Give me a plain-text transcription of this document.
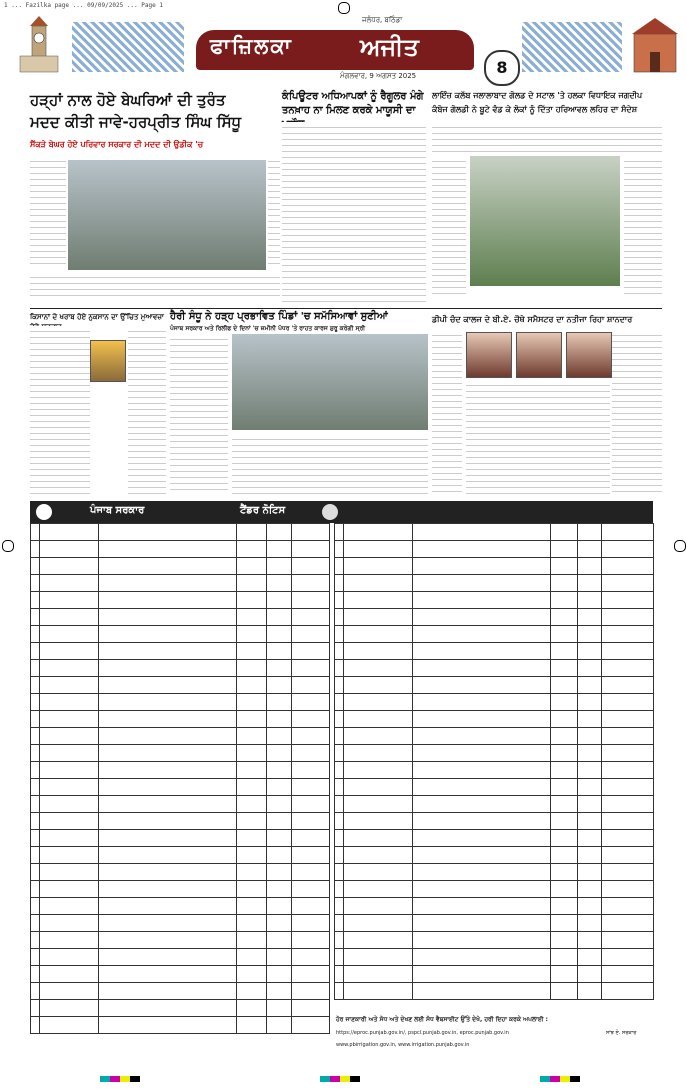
1 ... Fazilka page ... 09/09/2025 ... Page 1
ਫਾਜ਼ਿਲਕਾ	ਅਜੀਤ
ਜਲੰਧਰ, ਬਠਿੰਡਾ
ਮੰਗਲਵਾਰ, 9 ਅਗਸਤ 2025	8
ਹੜ੍ਹਾਂ ਨਾਲ ਹੋਏ ਬੇਘਰਿਆਂ ਦੀ ਤੁਰੰਤ
ਮਦਦ ਕੀਤੀ ਜਾਵੇ-ਹਰਪ੍ਰੀਤ ਸਿੰਘ ਸਿੱਧੂ
ਸੈਂਕੜੇ ਬੇਘਰ ਹੋਏ ਪਰਿਵਾਰ ਸਰਕਾਰ ਦੀ ਮਦਦ ਦੀ ਉਡੀਕ 'ਚ
ਕੰਪਿਊਟਰ ਅਧਿਆਪਕਾਂ ਨੂੰ ਰੈਗੂਲਰ ਮੰਗੇ
ਤਨਖ਼ਾਹ ਨਾ ਮਿਲਣ ਕਰਕੇ ਮਾਯੂਸੀ ਦਾ
ਲਾਇੰਜ਼ ਕਲੱਬ ਜਲਾਲਾਬਾਦ ਗੋਲਡ ਦੇ ਸਟਾਲ 'ਤੇ ਹਲਕਾ ਵਿਧਾਇਕ ਜਗਦੀਪ
ਕੰਬੋਜ ਗੋਲਡੀ ਨੇ ਬੂਟੇ ਵੰਡ ਕੇ ਲੋਕਾਂ ਨੂੰ ਦਿੱਤਾ ਹਰਿਆਵਲ ਲਹਿਰ ਦਾ ਸੰਦੇਸ਼
ਕਿਸਾਨਾਂ ਦੇ ਖਰਾਬ ਹੋਏ ਨੁਕਸਾਨ ਦਾ ਉੱਚਿਤ ਮੁਆਵਜ਼ਾ ਹੈਰੀ ਸੰਧੂ ਨੇ ਹੜ੍ਹ ਪ੍ਰਭਾਵਿਤ ਪਿੰਡਾਂ 'ਚ ਸਮੱਸਿਆਵਾਂ ਸੁਣੀਆਂ
ਪੰਜਾਬ ਸਰਕਾਰ ਅਤੇ ਰਿਲੀਫ ਦੇ ਦਿਨਾਂ 'ਚ ਜ਼ਮੀਨੀ ਪੱਧਰ 'ਤੇ ਰਾਹਤ ਕਾਰਜ ਸ਼ੁਰੂ ਕਰੇਗੀ ਸ੍ਰੀ
ਡੀਪੀ ਚੰਦ ਕਾਲਜ ਦੇ ਬੀ.ਏ. ਚੌਥੇ ਸਮੈਸਟਰ ਦਾ ਨਤੀਜਾ ਰਿਹਾ ਸ਼ਾਨਦਾਰ
ਪੰਜਾਬ ਸਰਕਾਰ	ਟੈਂਡਰ ਨੋਟਿਸ

ਹੋਰ ਜਾਣਕਾਰੀ ਅਤੇ ਸੋਧ ਅਤੇ ਦੇਖਣ ਲਈ ਸੋਧ ਵੈਬਸਾਈਟ ਉੱਤੇ ਦੇਖੋ, ਹਰੀ ਦਿਹਾ ਕਰਕੇ ਅਪਲਾਈ :
https://eproc.punjab.gov.in/, pspcl.punjab.gov.in, eproc.punjab.gov.in
www.pbirrigation.gov.in, www.irrigation.punjab.gov.in
ਸਾਂਝ ਏ. ਸਰਕਾਰ
